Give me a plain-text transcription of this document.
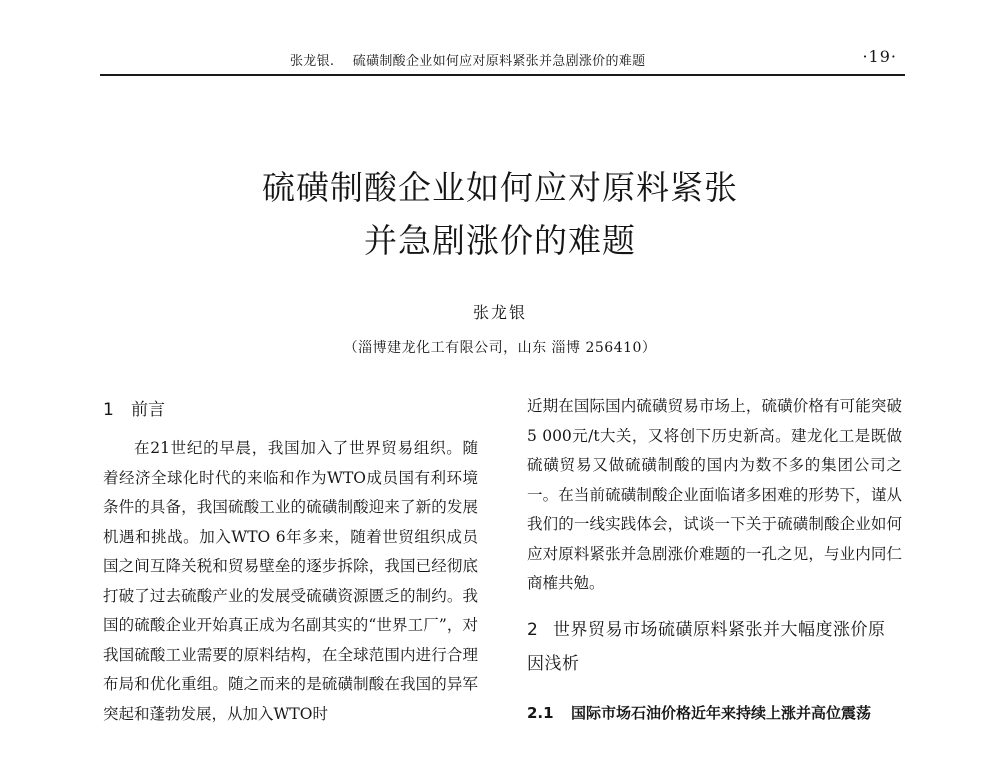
张龙银. 硫磺制酸企业如何应对原料紧张并急剧涨价的难题	·19·
硫磺制酸企业如何应对原料紧张
并急剧涨价的难题
张龙银
（淄博建龙化工有限公司，山东 淄博 256410）
1 前言

在21世纪的早晨，我国加入了世界贸易组织。随着经济全球化时代的来临和作为WTO成员国有利环境条件的具备，我国硫酸工业的硫磺制酸迎来了新的发展机遇和挑战。加入WTO 6年多来，随着世贸组织成员国之间互降关税和贸易壁垒的逐步拆除，我国已经彻底打破了过去硫酸产业的发展受硫磺资源匮乏的制约。我国的硫酸企业开始真正成为名副其实的“世界工厂”，对我国硫酸工业需要的原料结构，在全球范围内进行合理布局和优化重组。随之而来的是硫磺制酸在我国的异军突起和蓬勃发展，从加入WTO时

近期在国际国内硫磺贸易市场上，硫磺价格有可能突破5 000元/t大关，又将创下历史新高。建龙化工是既做硫磺贸易又做硫磺制酸的国内为数不多的集团公司之一。在当前硫磺制酸企业面临诸多困难的形势下，谨从我们的一线实践体会，试谈一下关于硫磺制酸企业如何应对原料紧张并急剧涨价难题的一孔之见，与业内同仁商榷共勉。

2 世界贸易市场硫磺原料紧张并大幅度涨价原因浅析
2.1 国际市场石油价格近年来持续上涨并高位震荡
